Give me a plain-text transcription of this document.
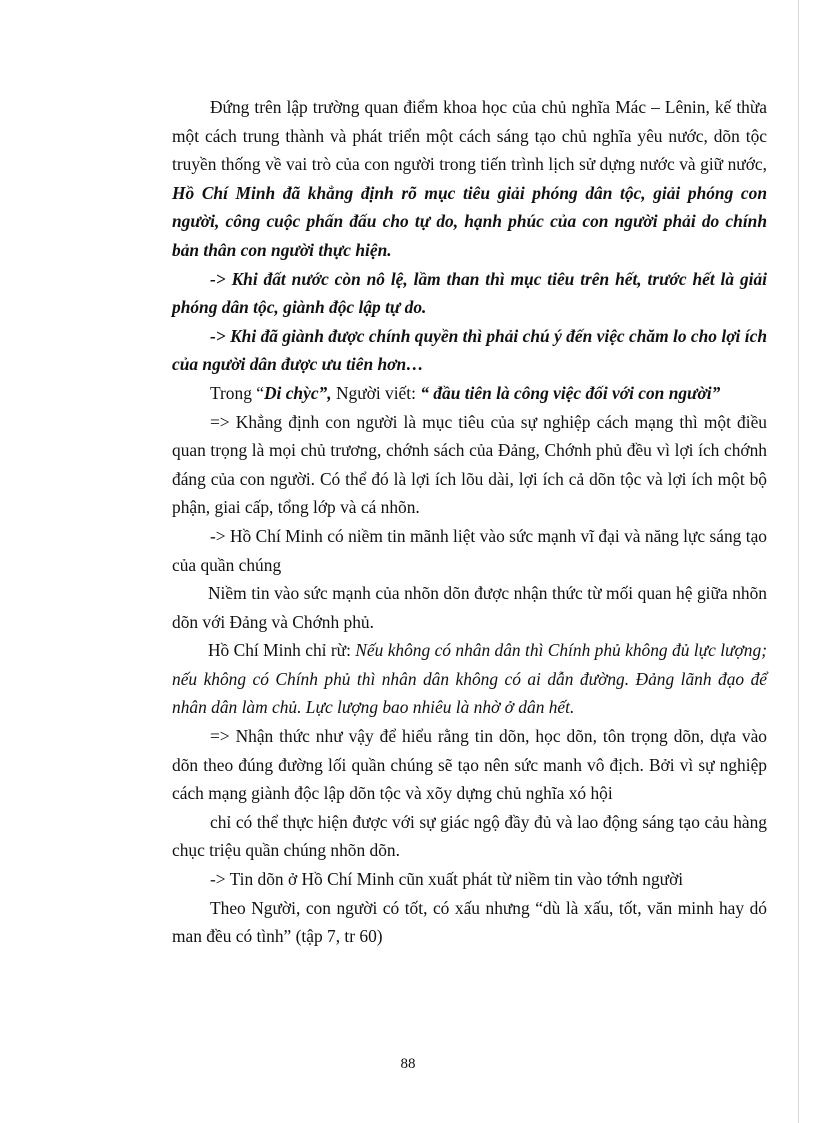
Đứng trên lập trường quan điểm khoa học của chủ nghĩa Mác – Lênin, kế thừa một cách trung thành và phát triển một cách sáng tạo chủ nghĩa yêu nước, dõn tộc truyền thống về vai trò của con người trong tiến trình lịch sử dựng nước và giữ nước, Hồ Chí Minh đã khẳng định rõ mục tiêu giải phóng dân tộc, giải phóng con người, công cuộc phấn đấu cho tự do, hạnh phúc của con người phải do chính bản thân con người thực hiện.

-> Khi đất nước còn nô lệ, lầm than thì mục tiêu trên hết, trước hết là giải phóng dân tộc, giành độc lập tự do.

-> Khi đã giành được chính quyền thì phải chú ý đến việc chăm lo cho lợi ích của người dân được ưu tiên hơn…

Trong “Di chỳc”, Người viết: “ đầu tiên là công việc đối với con người”

=> Khẳng định con người là mục tiêu của sự nghiệp cách mạng thì một điều quan trọng là mọi chủ trương, chớnh sách của Đảng, Chớnh phủ đều vì lợi ích chớnh đáng của con người. Có thể đó là lợi ích lõu dài, lợi ích cả dõn tộc và lợi ích một bộ phận, giai cấp, tổng lớp và cá nhõn.

-> Hồ Chí Minh có niềm tin mãnh liệt vào sức mạnh vĩ đại và năng lực sáng tạo của quần chúng

Niềm tin vào sức mạnh của nhõn dõn được nhận thức từ mối quan hệ giữa nhõn dõn với Đảng và Chớnh phủ.

Hồ Chí Minh chỉ rừ: Nếu không có nhân dân thì Chính phủ không đủ lực lượng; nếu không có Chính phủ thì nhân dân không có ai dẫn đường. Đảng lãnh đạo để nhân dân làm chủ. Lực lượng bao nhiêu là nhờ ở dân hết.

=> Nhận thức như vậy để hiểu rằng tin dõn, học dõn, tôn trọng dõn, dựa vào dõn theo đúng đường lối quần chúng sẽ tạo nên sức manh vô địch. Bởi vì sự nghiệp cách mạng giành độc lập dõn tộc và xõy dựng chủ nghĩa xó hội

chỉ có thể thực hiện được với sự giác ngộ đầy đủ và lao động sáng tạo cảu hàng chục triệu quần chúng nhõn dõn.

-> Tin dõn ở Hồ Chí Minh cũn xuất phát từ niềm tin vào tớnh người

Theo Người, con người có tốt, có xấu nhưng “dù là xấu, tốt, văn minh hay dó man đều có tình” (tập 7, tr 60)

88
